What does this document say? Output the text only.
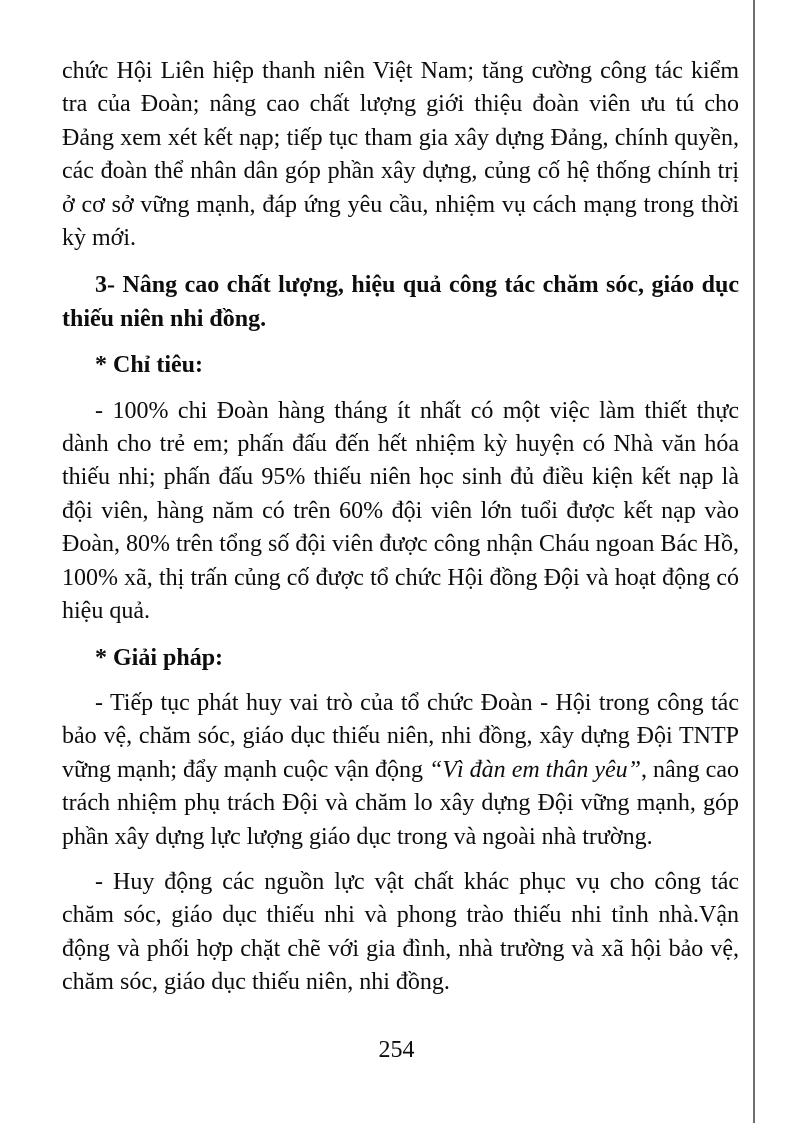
chức Hội Liên hiệp thanh niên Việt Nam; tăng cường công tác kiểm tra của Đoàn; nâng cao chất lượng giới thiệu đoàn viên ưu tú cho Đảng xem xét kết nạp; tiếp tục tham gia xây dựng Đảng, chính quyền, các đoàn thể nhân dân góp phần xây dựng, củng cố hệ thống chính trị ở cơ sở vững mạnh, đáp ứng yêu cầu, nhiệm vụ cách mạng trong thời kỳ mới.

3- Nâng cao chất lượng, hiệu quả công tác chăm sóc, giáo dục thiếu niên nhi đồng.

* Chỉ tiêu:

- 100% chi Đoàn hàng tháng ít nhất có một việc làm thiết thực dành cho trẻ em; phấn đấu đến hết nhiệm kỳ huyện có Nhà văn hóa thiếu nhi; phấn đấu 95% thiếu niên học sinh đủ điều kiện kết nạp là đội viên, hàng năm có trên 60% đội viên lớn tuổi được kết nạp vào Đoàn, 80% trên tổng số đội viên được công nhận Cháu ngoan Bác Hồ, 100% xã, thị trấn củng cố được tổ chức Hội đồng Đội và hoạt động có hiệu quả.

* Giải pháp:

- Tiếp tục phát huy vai trò của tổ chức Đoàn - Hội trong công tác bảo vệ, chăm sóc, giáo dục thiếu niên, nhi đồng, xây dựng Đội TNTP vững mạnh; đẩy mạnh cuộc vận động “Vì đàn em thân yêu”, nâng cao trách nhiệm phụ trách Đội và chăm lo xây dựng Đội vững mạnh, góp phần xây dựng lực lượng giáo dục trong và ngoài nhà trường.

- Huy động các nguồn lực vật chất khác phục vụ cho công tác chăm sóc, giáo dục thiếu nhi và phong trào thiếu nhi tỉnh nhà.Vận động và phối hợp chặt chẽ với gia đình, nhà trường và xã hội bảo vệ, chăm sóc, giáo dục thiếu niên, nhi đồng.

254
